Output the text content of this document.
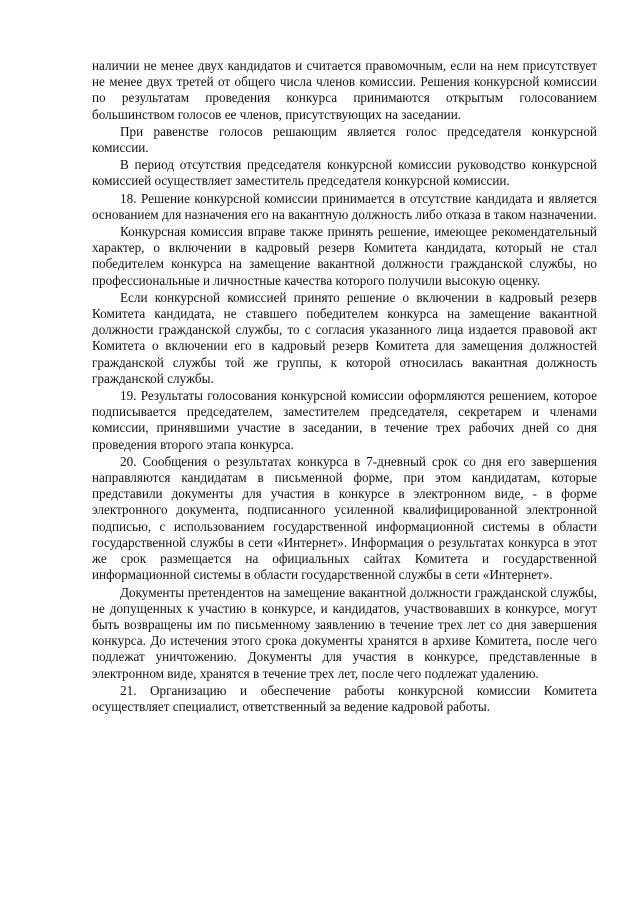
наличии не менее двух кандидатов и считается правомочным, если на нем присутствует не менее двух третей от общего числа членов комиссии. Решения конкурсной комиссии по результатам проведения конкурса принимаются открытым голосованием большинством голосов ее членов, присутствующих на заседании.

При равенстве голосов решающим является голос председателя конкурсной комиссии.

В период отсутствия председателя конкурсной комиссии руководство конкурсной комиссией осуществляет заместитель председателя конкурсной комиссии.

18. Решение конкурсной комиссии принимается в отсутствие кандидата и является основанием для назначения его на вакантную должность либо отказа в таком назначении.

Конкурсная комиссия вправе также принять решение, имеющее рекомендательный характер, о включении в кадровый резерв Комитета кандидата, который не стал победителем конкурса на замещение вакантной должности гражданской службы, но профессиональные и личностные качества которого получили высокую оценку.

Если конкурсной комиссией принято решение о включении в кадровый резерв Комитета кандидата, не ставшего победителем конкурса на замещение вакантной должности гражданской службы, то с согласия указанного лица издается правовой акт Комитета о включении его в кадровый резерв Комитета для замещения должностей гражданской службы той же группы, к которой относилась вакантная должность гражданской службы.

19. Результаты голосования конкурсной комиссии оформляются решением, которое подписывается председателем, заместителем председателя, секретарем и членами комиссии, принявшими участие в заседании, в течение трех рабочих дней со дня проведения второго этапа конкурса.

20. Сообщения о результатах конкурса в 7-дневный срок со дня его завершения направляются кандидатам в письменной форме, при этом кандидатам, которые представили документы для участия в конкурсе в электронном виде, - в форме электронного документа, подписанного усиленной квалифицированной электронной подписью, с использованием государственной информационной системы в области государственной службы в сети «Интернет». Информация о результатах конкурса в этот же срок размещается на официальных сайтах Комитета и государственной информационной системы в области государственной службы в сети «Интернет».

Документы претендентов на замещение вакантной должности гражданской службы, не допущенных к участию в конкурсе, и кандидатов, участвовавших в конкурсе, могут быть возвращены им по письменному заявлению в течение трех лет со дня завершения конкурса. До истечения этого срока документы хранятся в архиве Комитета, после чего подлежат уничтожению. Документы для участия в конкурсе, представленные в электронном виде, хранятся в течение трех лет, после чего подлежат удалению.

21. Организацию и обеспечение работы конкурсной комиссии Комитета осуществляет специалист, ответственный за ведение кадровой работы.
